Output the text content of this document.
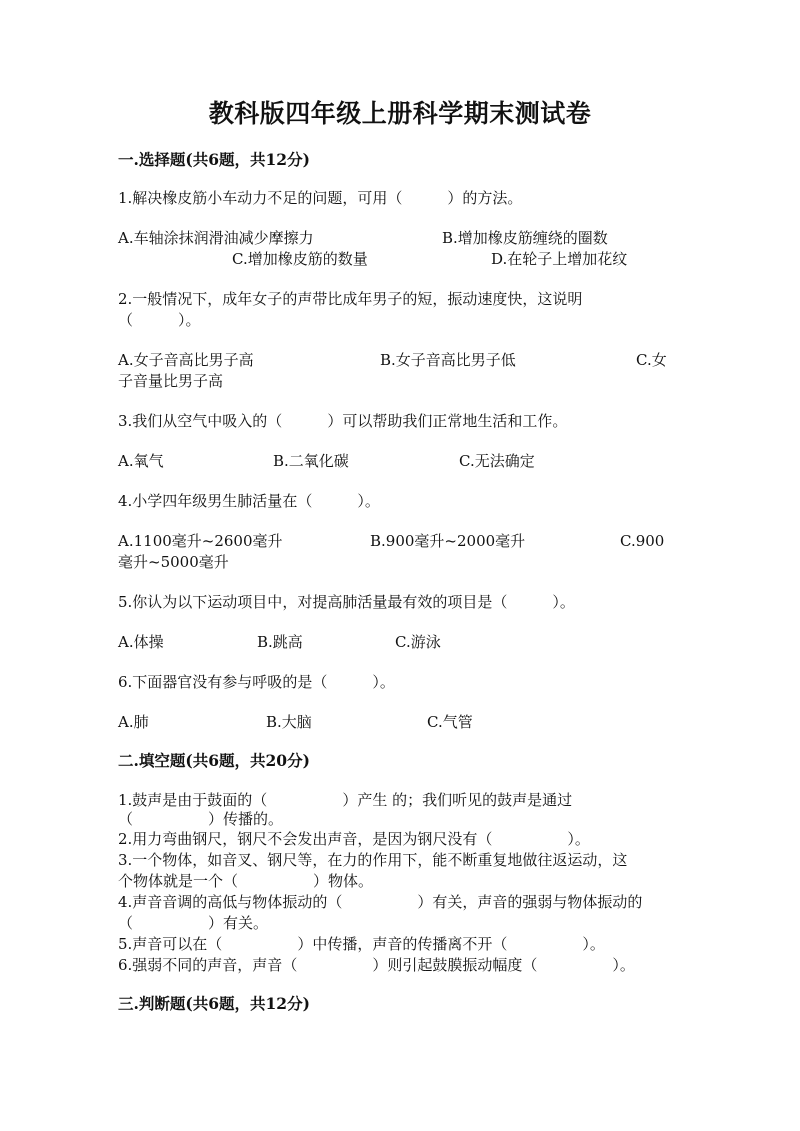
教科版四年级上册科学期末测试卷
一.选择题(共6题，共12分)
1.解决橡皮筋小车动力不足的问题，可用（　　　）的方法。
A.车轴涂抹润滑油减少摩擦力	B.增加橡皮筋缠绕的圈数
C.增加橡皮筋的数量	D.在轮子上增加花纹
2.一般情况下，成年女子的声带比成年男子的短，振动速度快，这说明
（　　　）。
A.女子音高比男子高	B.女子音高比男子低	C.女
子音量比男子高
3.我们从空气中吸入的（　　　）可以帮助我们正常地生活和工作。
A.氧气	B.二氧化碳	C.无法确定
4.小学四年级男生肺活量在（　　　）。
A.1100毫升~2600毫升	B.900毫升~2000毫升	C.900
毫升~5000毫升
5.你认为以下运动项目中，对提高肺活量最有效的项目是（　　　）。
A.体操	B.跳高	C.游泳
6.下面器官没有参与呼吸的是（　　　）。
A.肺	B.大脑	C.气管
二.填空题(共6题，共20分)
1.鼓声是由于鼓面的（　　　　　）产生 的；我们听见的鼓声是通过
（　　　　　）传播的。
2.用力弯曲钢尺，钢尺不会发出声音，是因为钢尺没有（　　　　　）。
3.一个物体，如音叉、钢尺等，在力的作用下，能不断重复地做往返运动，这
个物体就是一个（　　　　　）物体。
4.声音音调的高低与物体振动的（　　　　　）有关，声音的强弱与物体振动的
（　　　　　）有关。
5.声音可以在（　　　　　）中传播，声音的传播离不开（　　　　　）。
6.强弱不同的声音，声音（　　　　　）则引起鼓膜振动幅度（　　　　　）。
三.判断题(共6题，共12分)
